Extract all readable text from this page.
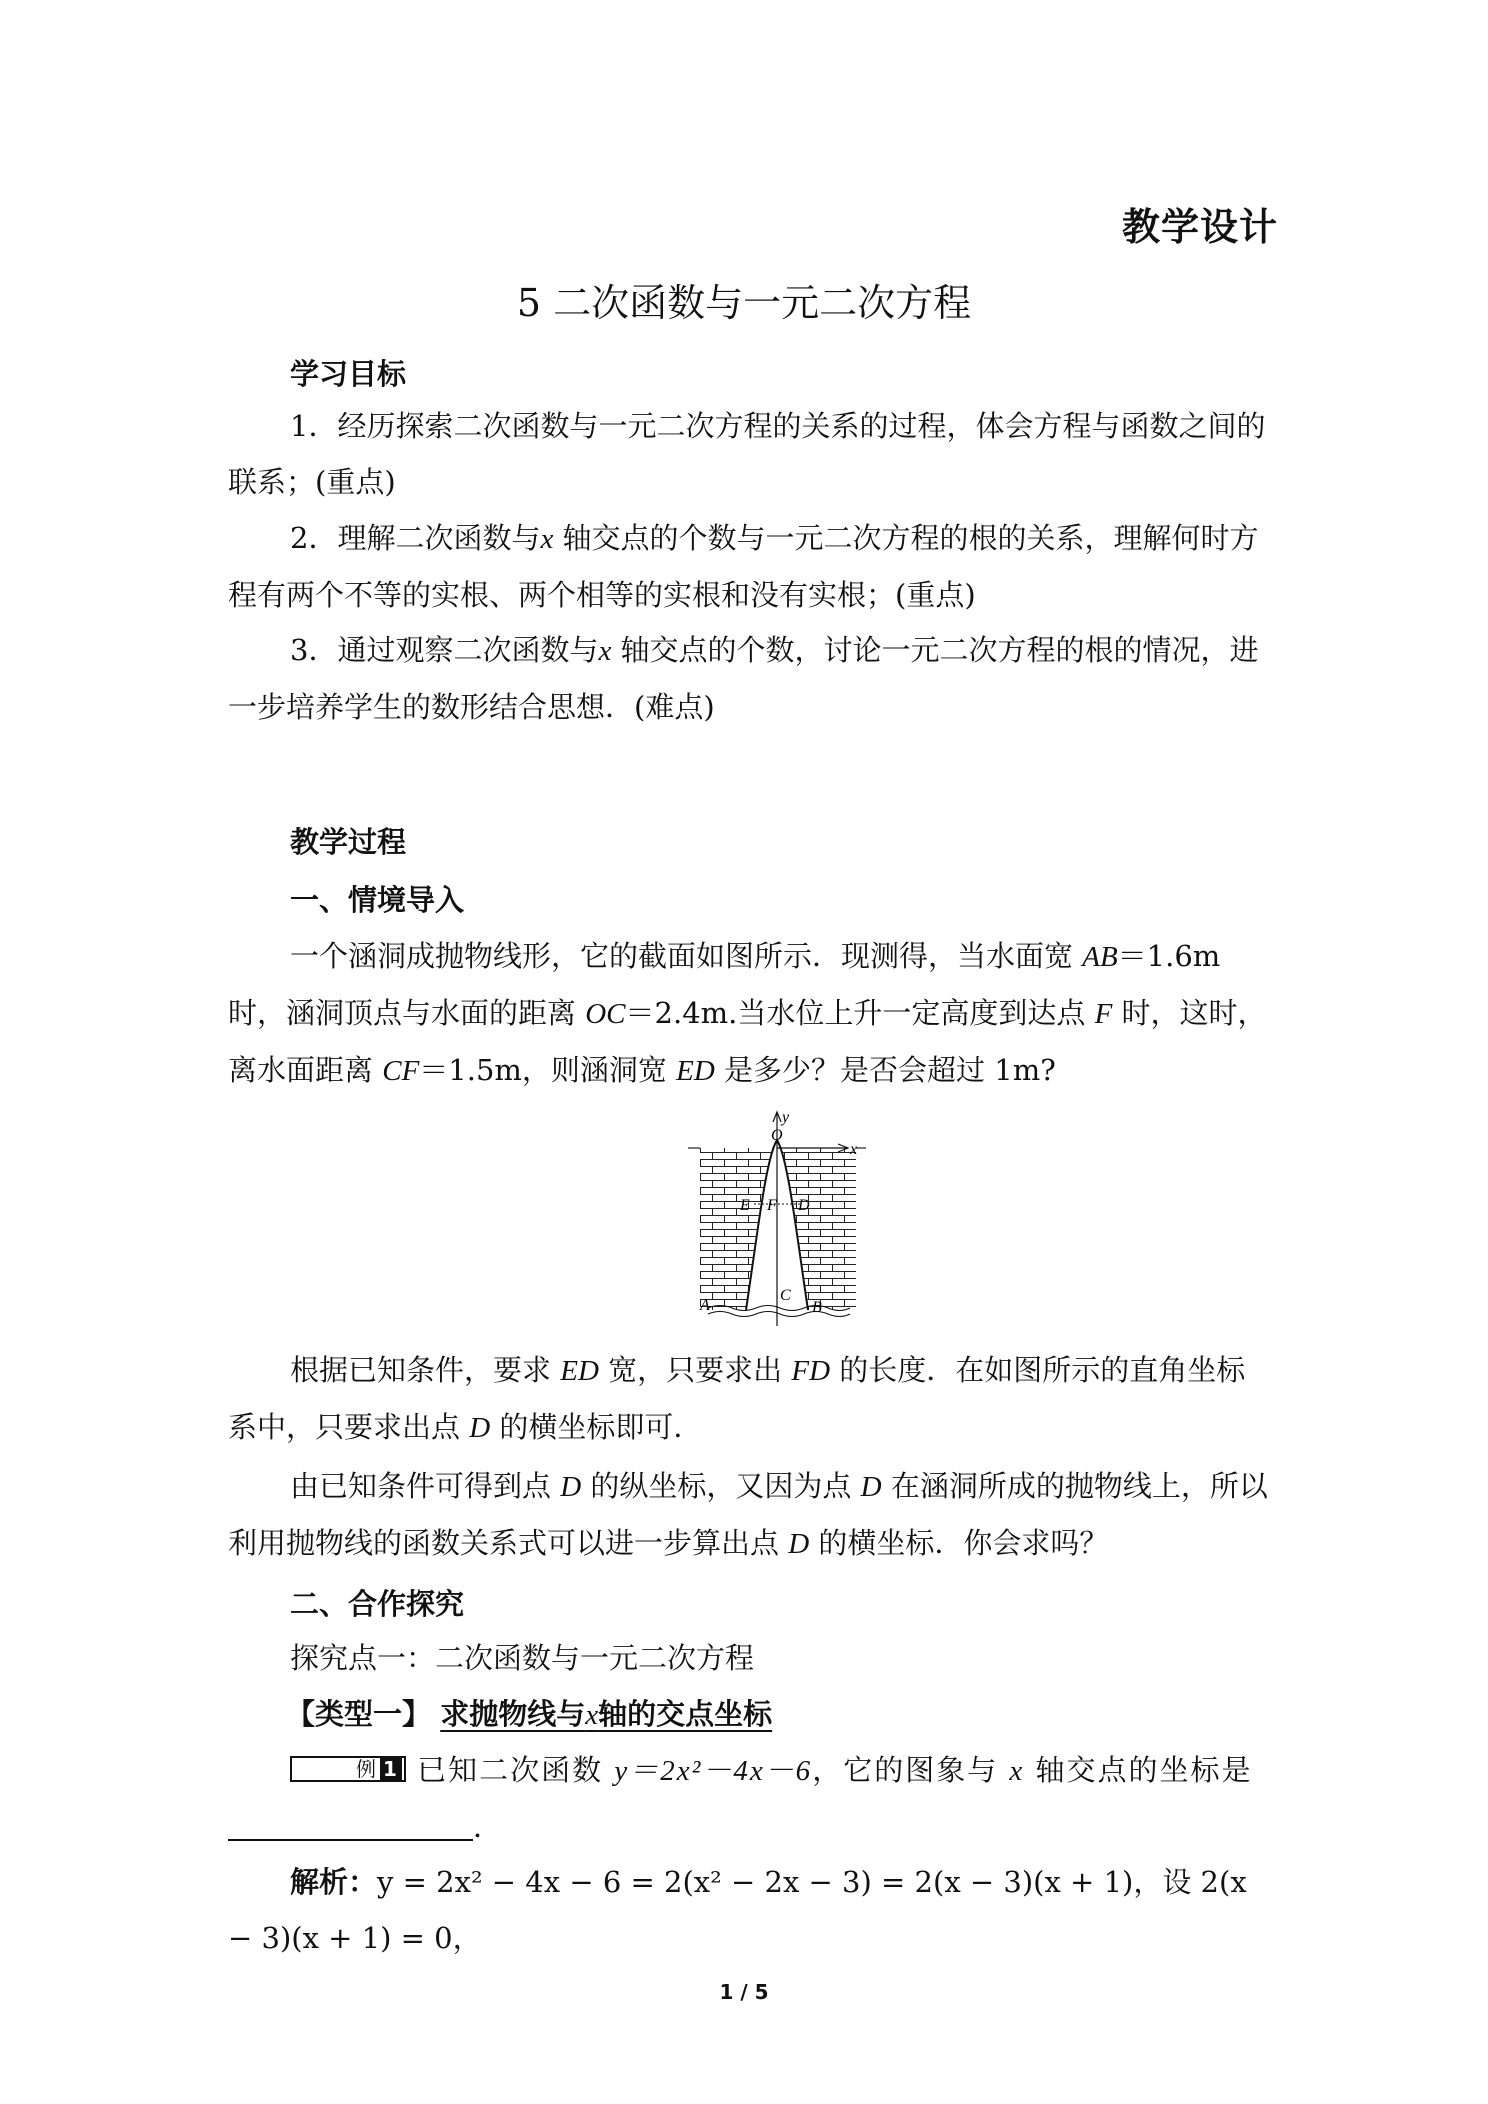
教学设计
5 二次函数与一元二次方程
学习目标

1．经历探索二次函数与一元二次方程的关系的过程，体会方程与函数之间的联系；(重点)

2．理解二次函数与x 轴交点的个数与一元二次方程的根的关系，理解何时方程有两个不等的实根、两个相等的实根和没有实根；(重点)

3．通过观察二次函数与x 轴交点的个数，讨论一元二次方程的根的情况，进一步培养学生的数形结合思想．(难点)

教学过程
一、情境导入

一个涵洞成抛物线形，它的截面如图所示．现测得，当水面宽 AB＝1.6m 时，涵洞顶点与水面的距离 OC＝2.4m.当水位上升一定高度到达点 F 时，这时，离水面距离 CF＝1.5m，则涵洞宽 ED 是多少？是否会超过 1m?

y
O
x
E F D
C
A	B

根据已知条件，要求 ED 宽，只要求出 FD 的长度．在如图所示的直角坐标系中，只要求出点 D 的横坐标即可．

由已知条件可得到点 D 的纵坐标，又因为点 D 在涵洞所成的抛物线上，所以利用抛物线的函数关系式可以进一步算出点 D 的横坐标．你会求吗？

二、合作探究

探究点一：二次函数与一元二次方程

【类型一】 求抛物线与x轴的交点坐标

例 1 已知二次函数 y＝2x²－4x－6，它的图象与 x 轴交点的坐标是

．

解析：y = 2x² − 4x − 6 = 2(x² − 2x − 3) = 2(x − 3)(x + 1)，设 2(x − 3)(x + 1) = 0，

1 / 5
